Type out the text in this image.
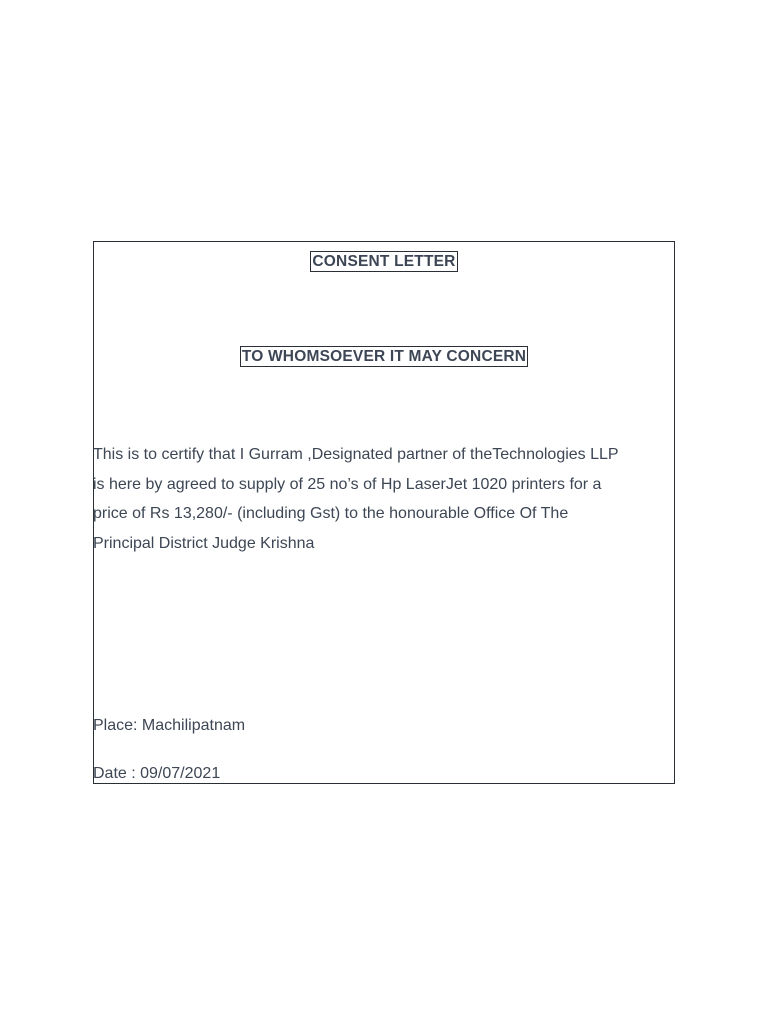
CONSENT LETTER
TO WHOMSOEVER IT MAY CONCERN

This is to certify that I Gurram ,Designated partner of theTechnologies LLP
is here by agreed to supply of 25 no’s of Hp LaserJet 1020 printers for a
price of Rs 13,280/- (including Gst) to the honourable Office Of The
Principal District Judge Krishna

Place: Machilipatnam

Date : 09/07/2021
